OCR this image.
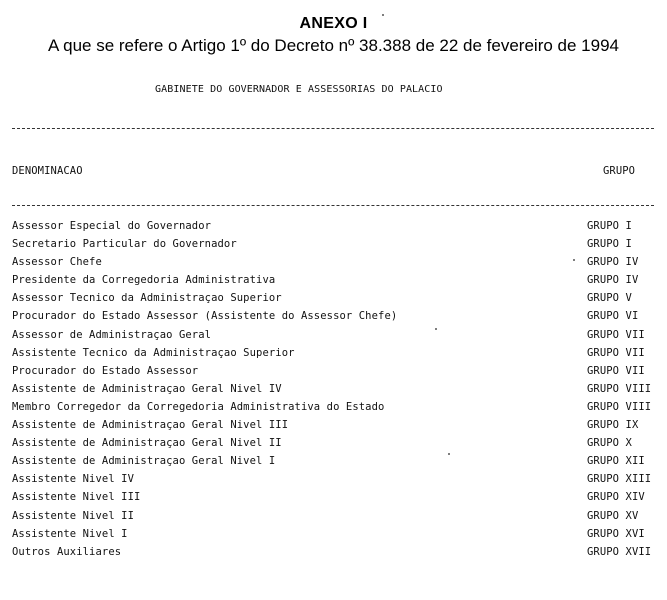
ANEXO I
A que se refere o Artigo 1º do Decreto nº 38.388 de 22 de fevereiro de 1994
GABINETE DO GOVERNADOR E ASSESSORIAS DO PALACIO
DENOMINACAO	GRUPO
Assessor Especial do Governador	GRUPO I
Secretario Particular do Governador	GRUPO I
Assessor Chefe	GRUPO IV
Presidente da Corregedoria Administrativa	GRUPO IV
Assessor Tecnico da Administraçao Superior	GRUPO V
Procurador do Estado Assessor (Assistente do Assessor Chefe)	GRUPO VI
Assessor de Administraçao Geral	GRUPO VII
Assistente Tecnico da Administraçao Superior	GRUPO VII
Procurador do Estado Assessor	GRUPO VII
Assistente de Administraçao Geral Nivel IV	GRUPO VIII
Membro Corregedor da Corregedoria Administrativa do Estado	GRUPO VIII
Assistente de Administraçao Geral Nivel III	GRUPO IX
Assistente de Administraçao Geral Nivel II	GRUPO X
Assistente de Administraçao Geral Nivel I	GRUPO XII
Assistente Nivel IV	GRUPO XIII
Assistente Nivel III	GRUPO XIV
Assistente Nivel II	GRUPO XV
Assistente Nivel I	GRUPO XVI
Outros Auxiliares	GRUPO XVII
